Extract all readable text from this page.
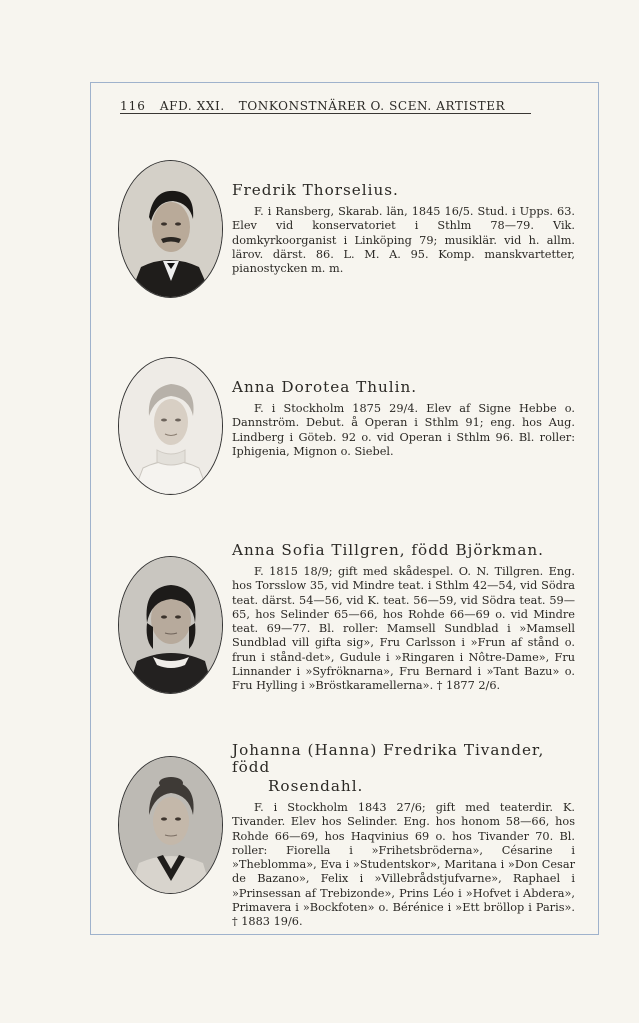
116 AFD. XXI. TONKONSTNÄRER O. SCEN. ARTISTER
Fredrik Thorselius.
F. i Ransberg, Skarab. län, 1845 16/5. Stud. i Upps. 63. Elev vid konservatoriet i Sthlm 78—79. Vik. domkyrkoorganist i Linköping 79; musiklär. vid h. allm. lärov. därst. 86. L. M. A. 95. Komp. manskvartetter, pianostycken m. m.
Anna Dorotea Thulin.
F. i Stockholm 1875 29/4. Elev af Signe Hebbe o. Dannström. Debut. å Operan i Sthlm 91; eng. hos Aug. Lindberg i Göteb. 92 o. vid Operan i Sthlm 96. Bl. roller: Iphigenia, Mignon o. Siebel.
Anna Sofia Tillgren, född Björkman.
F. 1815 18/9; gift med skådespel. O. N. Tillgren. Eng. hos Torsslow 35, vid Mindre teat. i Sthlm 42—54, vid Södra teat. därst. 54—56, vid K. teat. 56—59, vid Södra teat. 59—65, hos Selinder 65—66, hos Rohde 66—69 o. vid Mindre teat. 69—77. Bl. roller: Mamsell Sundblad i »Mamsell Sundblad vill gifta sig», Fru Carlsson i »Frun af stånd o. frun i stånd-det», Gudule i »Ringaren i Nôtre-Dame», Fru Linnander i »Syfröknarna», Fru Bernard i »Tant Bazu» o. Fru Hylling i »Bröstkaramellerna». † 1877 2/6.
Johanna (Hanna) Fredrika Tivander, född
Rosendahl.
F. i Stockholm 1843 27/6; gift med teaterdir. K. Tivander. Elev hos Selinder. Eng. hos honom 58—66, hos Rohde 66—69, hos Haqvinius 69 o. hos Tivander 70. Bl. roller: Fiorella i »Frihetsbröderna», Césarine i »Theblomma», Eva i »Studentskor», Maritana i »Don Cesar de Bazano», Felix i »Villebrådstjufvarne», Raphael i »Prinsessan af Trebizonde», Prins Léo i »Hofvet i Abdera», Primavera i »Bockfoten» o. Bérénice i »Ett bröllop i Paris». † 1883 19/6.
